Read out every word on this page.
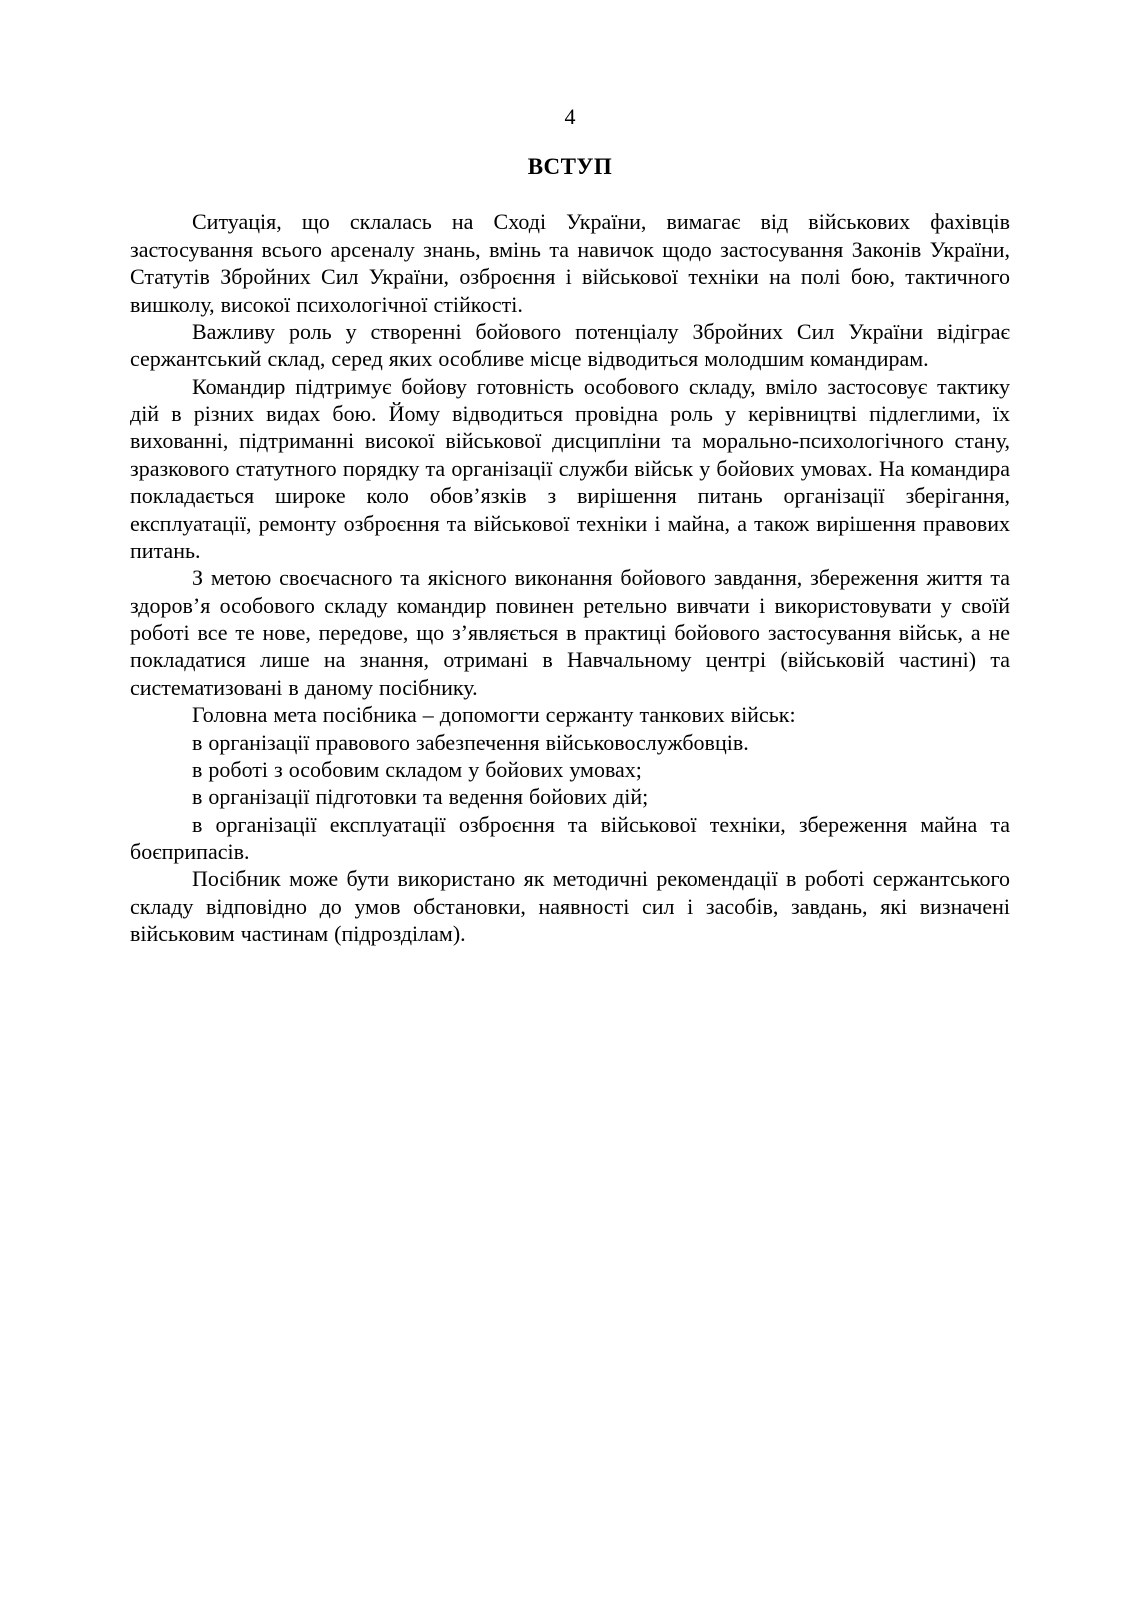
4
ВСТУП

Ситуація, що склалась на Сході України, вимагає від військових фахівців застосування всього арсеналу знань, вмінь та навичок щодо застосування Законів України, Статутів Збройних Сил України, озброєння і військової техніки на полі бою, тактичного вишколу, високої психологічної стійкості.

Важливу роль у створенні бойового потенціалу Збройних Сил України відіграє сержантський склад, серед яких особливе місце відводиться молодшим командирам.

Командир підтримує бойову готовність особового складу, вміло застосовує тактику дій в різних видах бою. Йому відводиться провідна роль у керівництві підлеглими, їх вихованні, підтриманні високої військової дисципліни та морально-психологічного стану, зразкового статутного порядку та організації служби військ у бойових умовах. На командира покладається широке коло обов’язків з вирішення питань організації зберігання, експлуатації, ремонту озброєння та військової техніки і майна, а також вирішення правових питань.

З метою своєчасного та якісного виконання бойового завдання, збереження життя та здоров’я особового складу командир повинен ретельно вивчати і використовувати у своїй роботі все те нове, передове, що з’являється в практиці бойового застосування військ, а не покладатися лише на знання, отримані в Навчальному центрі (військовій частині) та систематизовані в даному посібнику.

Головна мета посібника – допомогти сержанту танкових військ:

в організації правового забезпечення військовослужбовців.

в роботі з особовим складом у бойових умовах;

в організації підготовки та ведення бойових дій;

в організації експлуатації озброєння та військової техніки, збереження майна та боєприпасів.

Посібник може бути використано як методичні рекомендації в роботі сержантського складу відповідно до умов обстановки, наявності сил і засобів, завдань, які визначені військовим частинам (підрозділам).
